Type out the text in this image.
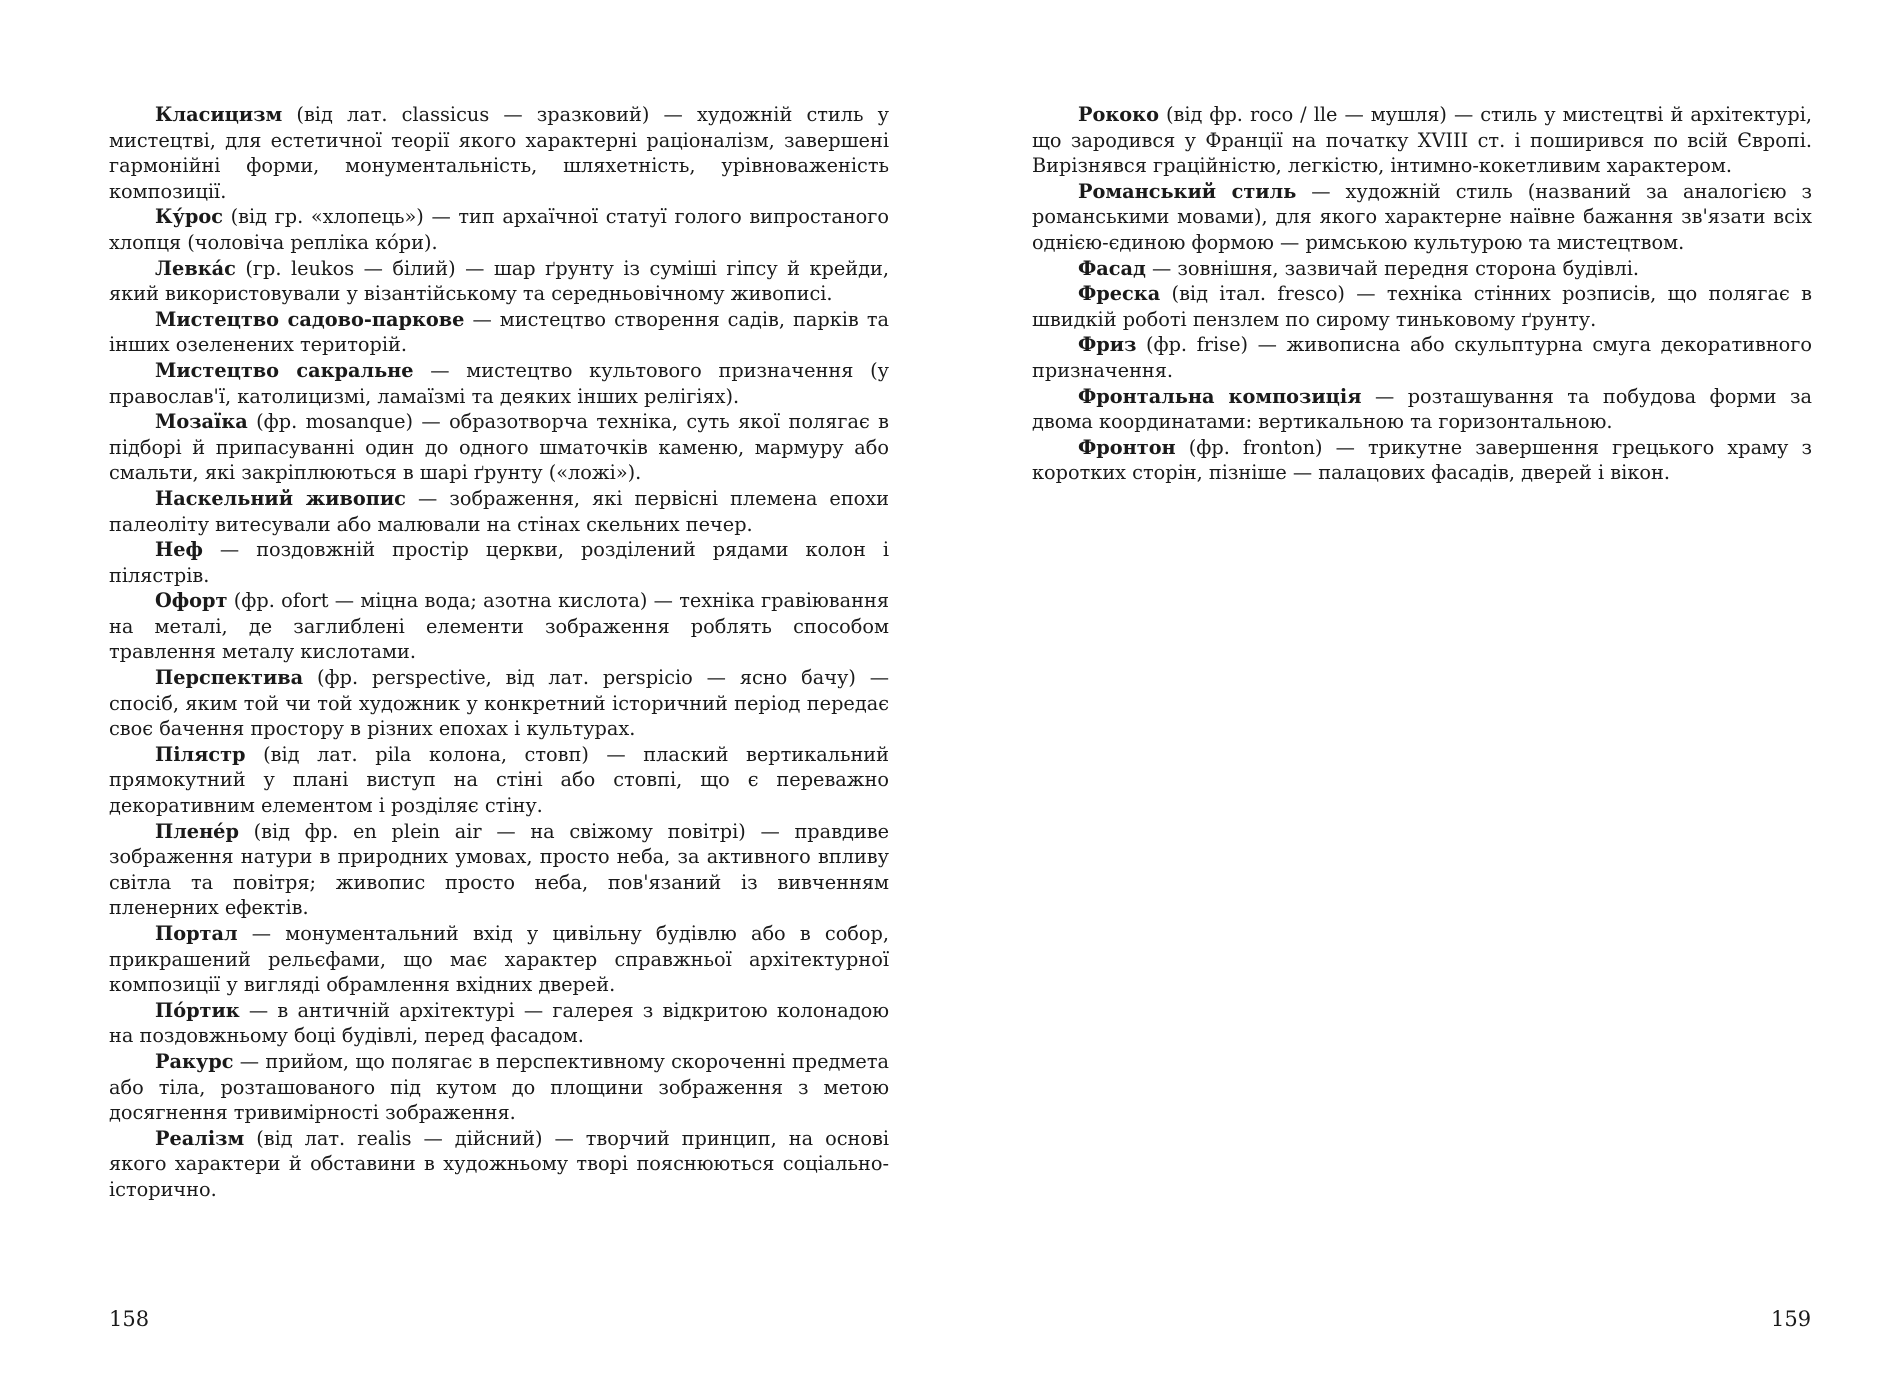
Класицизм (від лат. classicus — зразковий) — художній стиль у мистецтві, для естетичної теорії якого характерні раціоналізм, завершені гармонійні форми, монументальність, шляхетність, урівноваженість композиції.

Ку́рос (від гр. «хлопець») — тип архаїчної статуї голого випростаного хлопця (чоловіча репліка ко́ри).

Левка́с (гр. leukos — білий) — шар ґрунту із суміші гіпсу й крейди, який використовували у візантійському та середньовічному живописі.

Мистецтво садово-паркове — мистецтво створення садів, парків та інших озеленених територій.

Мистецтво сакральне — мистецтво культового призначення (у православ'ї, католицизмі, ламаїзмі та деяких інших релігіях).

Мозаїка (фр. mosanque) — образотворча техніка, суть якої полягає в підборі й припасуванні один до одного шматочків каменю, мармуру або смальти, які закріплюються в шарі ґрунту («ложі»).

Наскельний живопис — зображення, які первісні племена епохи палеоліту витесували або малювали на стінах скельних печер.

Неф — поздовжній простір церкви, розділений рядами колон і пілястрів.

Офорт (фр. ofort — міцна вода; азотна кислота) — техніка гравіювання на металі, де заглиблені елементи зображення роблять способом травлення металу кислотами.

Перспектива (фр. perspective, від лат. perspicio — ясно бачу) — спосіб, яким той чи той художник у конкретний історичний період передає своє бачення простору в різних епохах і культурах.

Пілястр (від лат. pila колона, стовп) — плаский вертикальний прямокутний у плані виступ на стіні або стовпі, що є переважно декоративним елементом і розділяє стіну.

Плене́р (від фр. en plein air — на свіжому повітрі) — правдиве зображення натури в природних умовах, просто неба, за активного впливу світла та повітря; живопис просто неба, пов'язаний із вивченням пленерних ефектів.

Портал — монументальний вхід у цивільну будівлю або в собор, прикрашений рельєфами, що має характер справжньої архітектурної композиції у вигляді обрамлення вхідних дверей.

По́ртик — в античній архітектурі — галерея з відкритою колонадою на поздовжньому боці будівлі, перед фасадом.

Ракурс — прийом, що полягає в перспективному скороченні предмета або тіла, розташованого під кутом до площини зображення з метою досягнення тривимірності зображення.

Реалізм (від лат. realis — дійсний) — творчий принцип, на основі якого характери й обставини в художньому творі пояснюються соціально-історично.

Рококо (від фр. roco / lle — мушля) — стиль у мистецтві й архітектурі, що зародився у Франції на початку XVIII ст. і поширився по всій Європі. Вирізнявся граційністю, легкістю, інтимно-кокетливим характером.

Романський стиль — художній стиль (названий за аналогією з романськими мовами), для якого характерне наївне бажання зв'язати всіх однією-єдиною формою — римською культурою та мистецтвом.

Фасад — зовнішня, зазвичай передня сторона будівлі.

Фреска (від італ. fresco) — техніка стінних розписів, що полягає в швидкій роботі пензлем по сирому тиньковому ґрунту.

Фриз (фр. frise) — живописна або скульптурна смуга декоративного призначення.

Фронтальна композиція — розташування та побудова форми за двома координатами: вертикальною та горизонтальною.

Фронтон (фр. fronton) — трикутне завершення грецького храму з коротких сторін, пізніше — палацових фасадів, дверей і вікон.

158	159
